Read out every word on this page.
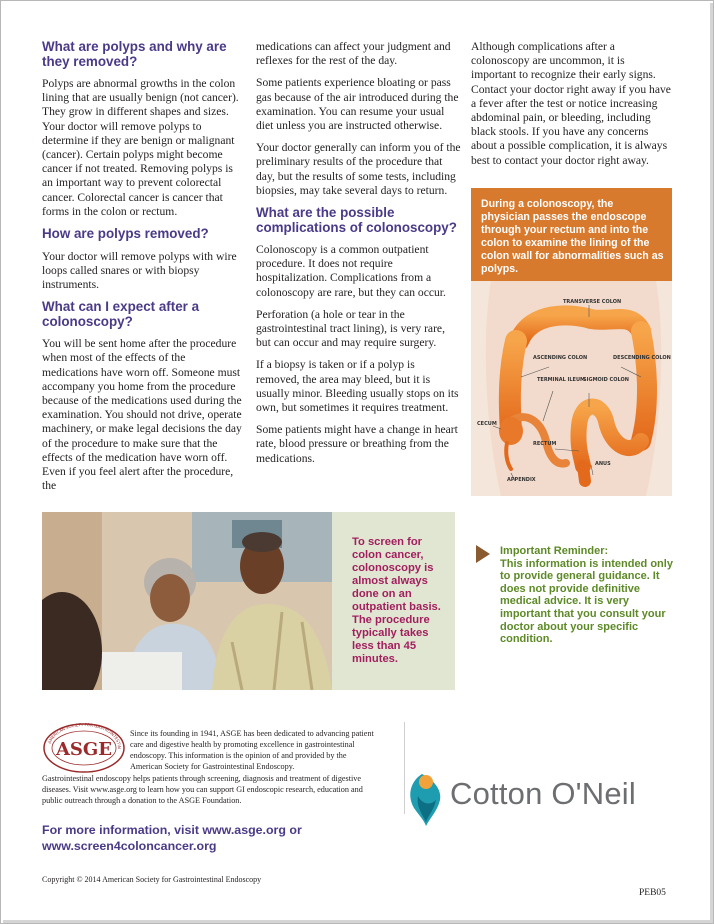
What are polyps and why are they removed?

Polyps are abnormal growths in the colon lining that are usually benign (not cancer). They grow in different shapes and sizes. Your doctor will remove polyps to determine if they are benign or malignant (cancer). Certain polyps might become cancer if not treated. Removing polyps is an important way to prevent colorectal cancer. Colorectal cancer is cancer that forms in the colon or rectum.

How are polyps removed?

Your doctor will remove polyps with wire loops called snares or with biopsy instruments.

What can I expect after a colonoscopy?

You will be sent home after the procedure when most of the effects of the medications have worn off. Someone must accompany you home from the procedure because of the medications used during the examination. You should not drive, operate machinery, or make legal decisions the day of the procedure to make sure that the effects of the medication have worn off. Even if you feel alert after the procedure, the

medications can affect your judgment and reflexes for the rest of the day.

Some patients experience bloating or pass gas because of the air introduced during the examination. You can resume your usual diet unless you are instructed otherwise.

Your doctor generally can inform you of the preliminary results of the procedure that day, but the results of some tests, including biopsies, may take several days to return.

What are the possible complications of colonoscopy?

Colonoscopy is a common outpatient procedure. It does not require hospitalization. Complications from a colonoscopy are rare, but they can occur.

Perforation (a hole or tear in the gastrointestinal tract lining), is very rare, but can occur and may require surgery.

If a biopsy is taken or if a polyp is removed, the area may bleed, but it is usually minor. Bleeding usually stops on its own, but sometimes it requires treatment.

Some patients might have a change in heart rate, blood pressure or breathing from the medications.

Although complications after a colonoscopy are uncommon, it is important to recognize their early signs. Contact your doctor right away if you have a fever after the test or notice increasing abdominal pain, or bleeding, including black stools. If you have any concerns about a possible complication, it is always best to contact your doctor right away.

During a colonoscopy, the physician passes the endoscope through your rectum and into the colon to examine the lining of the colon wall for abnormalities such as polyps.
TRANSVERSE COLON
ASCENDING COLON	DESCENDING COLON
TERMINAL ILEUM
SIGMOID COLON
CECUM
RECTUM
ANUS
APPENDIX
To screen for colon cancer, colonoscopy is almost always done on an outpatient basis. The procedure typically takes less than 45 minutes.
Important Reminder:
This information is intended only to provide general guidance. It does not provide definitive medical advice. It is very important that you consult your doctor about your specific condition.
AMERICAN SOCIETY FOR GASTROINTESTIN
ASGE
Since its founding in 1941, ASGE has been dedicated to advancing patient care and digestive health by promoting excellence in gastrointestinal endoscopy. This information is the opinion of and provided by the American Society for Gastrointestinal Endoscopy.
Gastrointestinal endoscopy helps patients through screening, diagnosis and treatment of digestive diseases. Visit www.asge.org to learn how you can support GI endoscopic research, education and public outreach through a donation to the ASGE Foundation.
For more information, visit www.asge.org or
www.screen4coloncancer.org
Copyright © 2014 American Society for Gastrointestinal Endoscopy
PEB05
Cotton O'Neil
